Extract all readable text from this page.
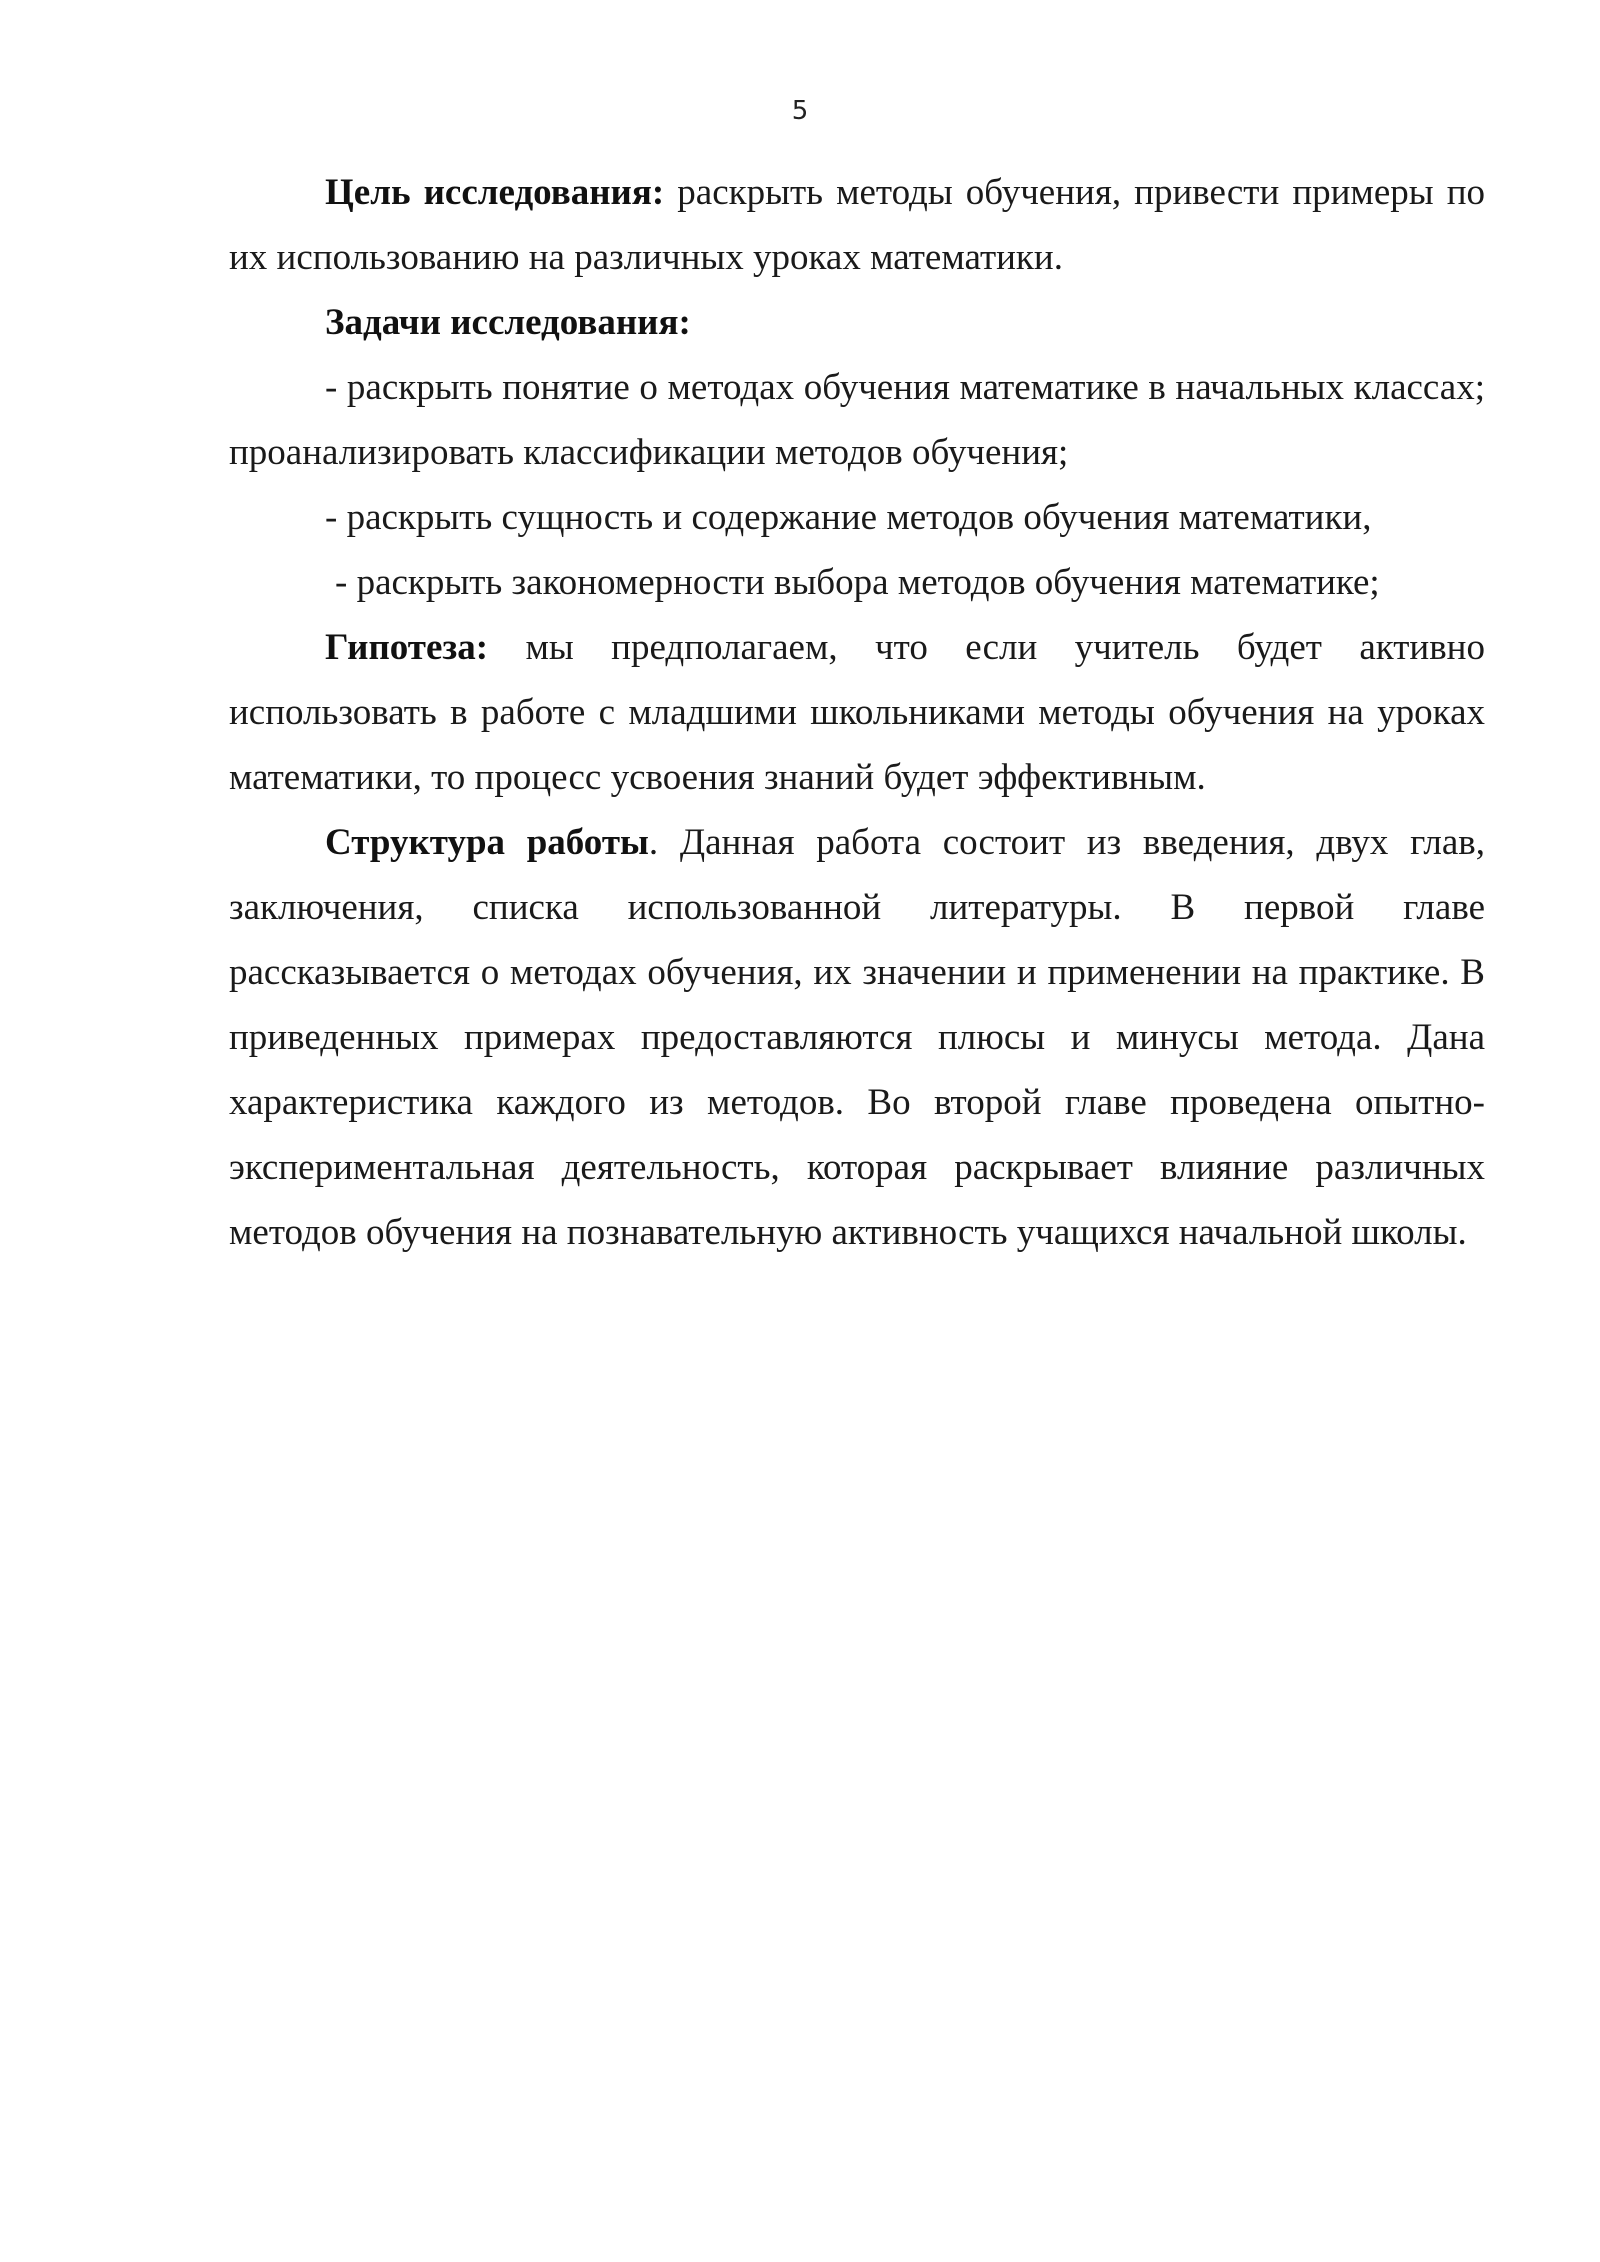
5

Цель исследования: раскрыть методы обучения, привести примеры по их использованию на различных уроках математики.

Задачи исследования:

- раскрыть понятие о методах обучения математике в начальных классах; проанализировать классификации методов обучения;

- раскрыть сущность и содержание методов обучения математики,

- раскрыть закономерности выбора методов обучения математике;

Гипотеза: мы предполагаем, что если учитель будет активно использовать в работе с младшими школьниками методы обучения на уроках математики, то процесс усвоения знаний будет эффективным.

Структура работы. Данная работа состоит из введения, двух глав, заключения, списка использованной литературы. В первой главе рассказывается о методах обучения, их значении и применении на практике. В приведенных примерах предоставляются плюсы и минусы метода. Дана характеристика каждого из методов. Во второй главе проведена опытно-экспериментальная деятельность, которая раскрывает влияние различных методов обучения на познавательную активность учащихся начальной школы.
